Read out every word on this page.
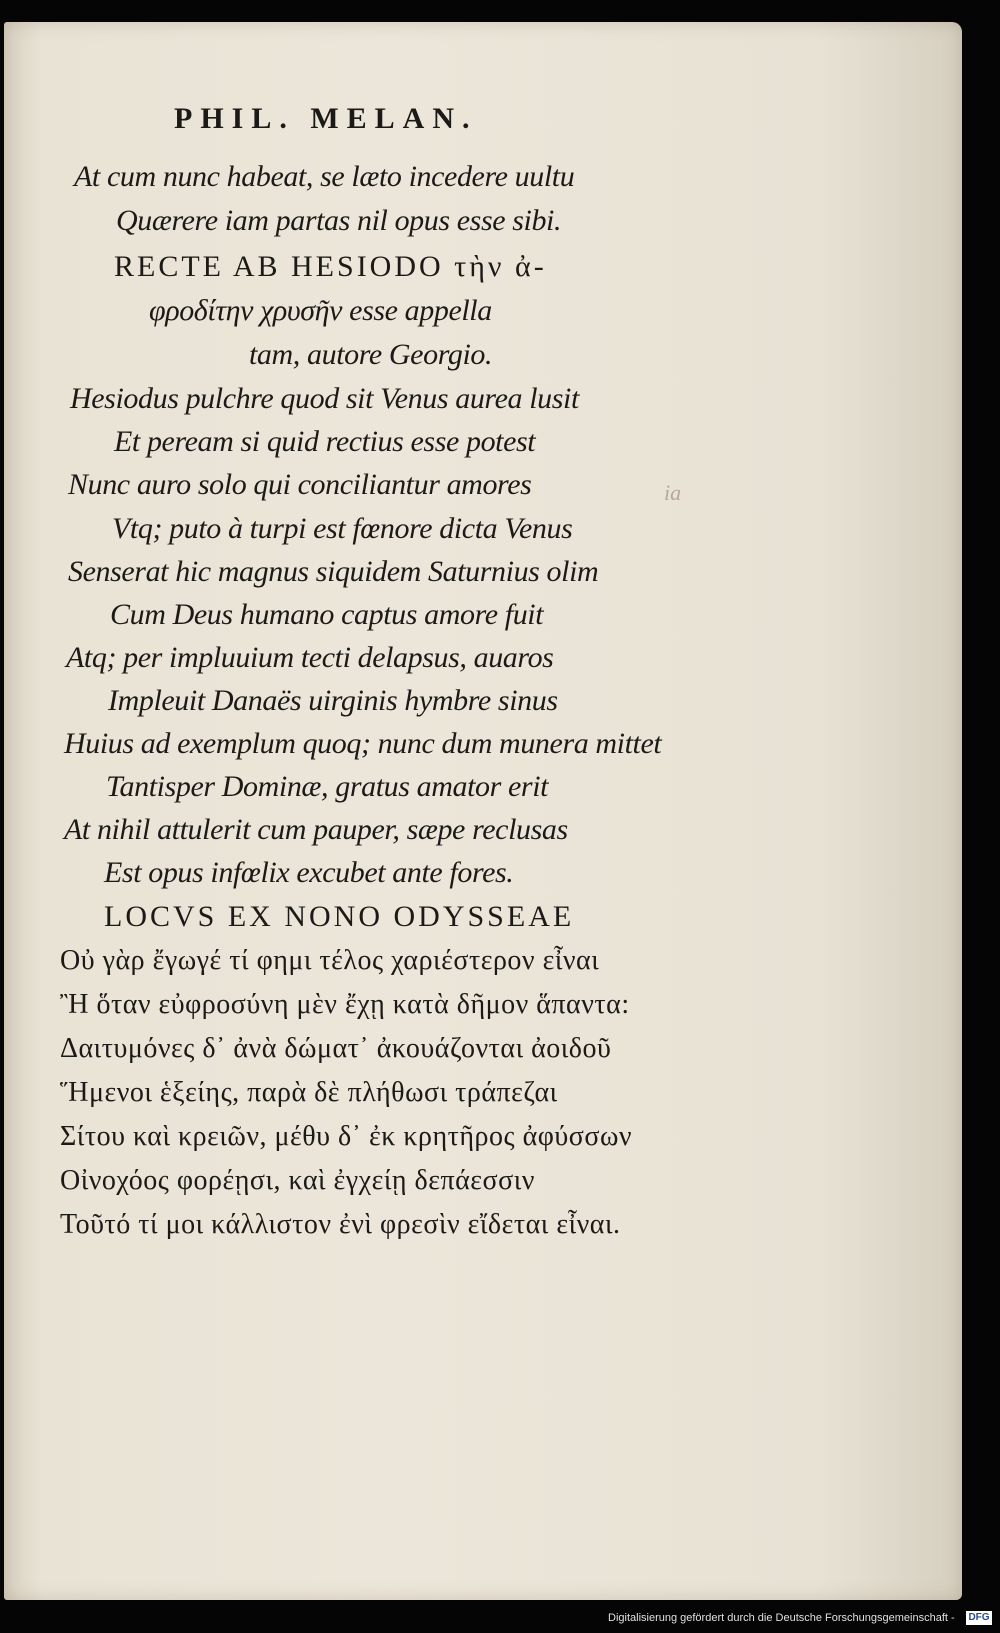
PHIL. MELAN.
ia
At cum nunc habeat, se læto incedere uultu
Quærere iam partas nil opus esse sibi.
RECTE AB HESIODO τὴν ἀ-
φροδίτην χρυσῆν esse appella
tam, autore Georgio.
Hesiodus pulchre quod sit Venus aurea lusit
Et peream si quid rectius esse potest
Nunc auro solo qui conciliantur amores
Vtq; puto à turpi est fœnore dicta Venus
Senserat hic magnus siquidem Saturnius olim
Cum Deus humano captus amore fuit
Atq; per impluuium tecti delapsus, auaros
Impleuit Danaës uirginis hymbre sinus
Huius ad exemplum quoq; nunc dum munera mittet
Tantisper Dominæ, gratus amator erit
At nihil attulerit cum pauper, sæpe reclusas
Est opus infœlix excubet ante fores.
LOCVS EX NONO ODYSSEAE
Οὐ γὰρ ἔγωγέ τί φημι τέλος χαριέστερον εἶναι
Ἢ ὅταν εὐφροσύνη μὲν ἔχῃ κατὰ δῆμον ἅπαντα:
Δαιτυμόνες δ᾽ ἀνὰ δώματ᾽ ἀκουάζονται ἀοιδοῦ
Ἥμενοι ἑξείης, παρὰ δὲ πλήθωσι τράπεζαι
Σίτου καὶ κρειῶν, μέθυ δ᾽ ἐκ κρητῆρος ἀφύσσων
Οἰνοχόος φορέῃσι, καὶ ἐγχείῃ δεπάεσσιν
Τοῦτό τί μοι κάλλιστον ἐνὶ φρεσὶν εἴδεται εἶναι.
Digitalisierung gefördert durch die Deutsche Forschungsgemeinschaft - DFG
